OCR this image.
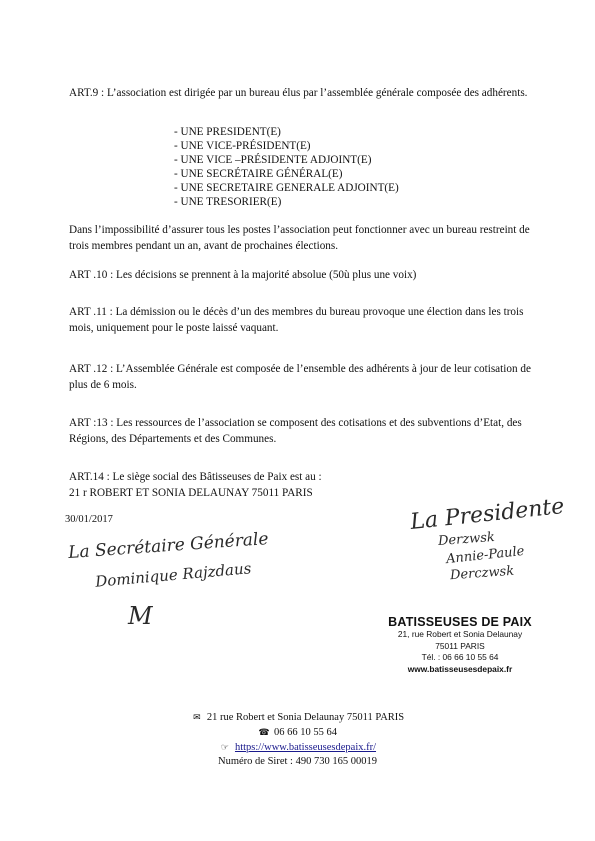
ART.9 : L’association est dirigée par un bureau élus par l’assemblée générale composée des adhérents.
- UNE PRESIDENT(E)
- UNE VICE-PRÉSIDENT(E)
- UNE VICE –PRÉSIDENTE ADJOINT(E)
- UNE SECRÉTAIRE GÉNÉRAL(E)
- UNE SECRETAIRE GENERALE ADJOINT(E)
- UNE TRESORIER(E)
Dans l’impossibilité d’assurer tous les postes l’association peut fonctionner avec un bureau restreint de trois membres pendant un an, avant de prochaines élections.
ART .10 : Les décisions se prennent à la majorité absolue (50ù plus une voix)
ART .11 : La démission ou le décès d’un des membres du bureau provoque une élection dans les trois mois, uniquement pour le poste laissé vaquant.
ART .12 : L’Assemblée Générale est composée de l’ensemble des adhérents à jour de leur cotisation de plus de 6 mois.
ART :13 : Les ressources de l’association se composent des cotisations et des subventions d’Etat, des Régions, des Départements et des Communes.
ART.14 : Le siège social des Bâtisseuses de Paix est au :
21 r ROBERT ET SONIA DELAUNAY 75011 PARIS
30/01/2017
La Secrétaire Générale
Dominique Rajzdaus
M
La Presidente
Derzwsk
Annie-Paule
Derczwsk
BATISSEUSES DE PAIX
21, rue Robert et Sonia Delaunay
75011 PARIS
Tél. : 06 66 10 55 64
www.batisseusesdepaix.fr
✉ 21 rue Robert et Sonia Delaunay 75011 PARIS
☎ 06 66 10 55 64
☞ https://www.batisseusesdepaix.fr/
Numéro de Siret : 490 730 165 00019
